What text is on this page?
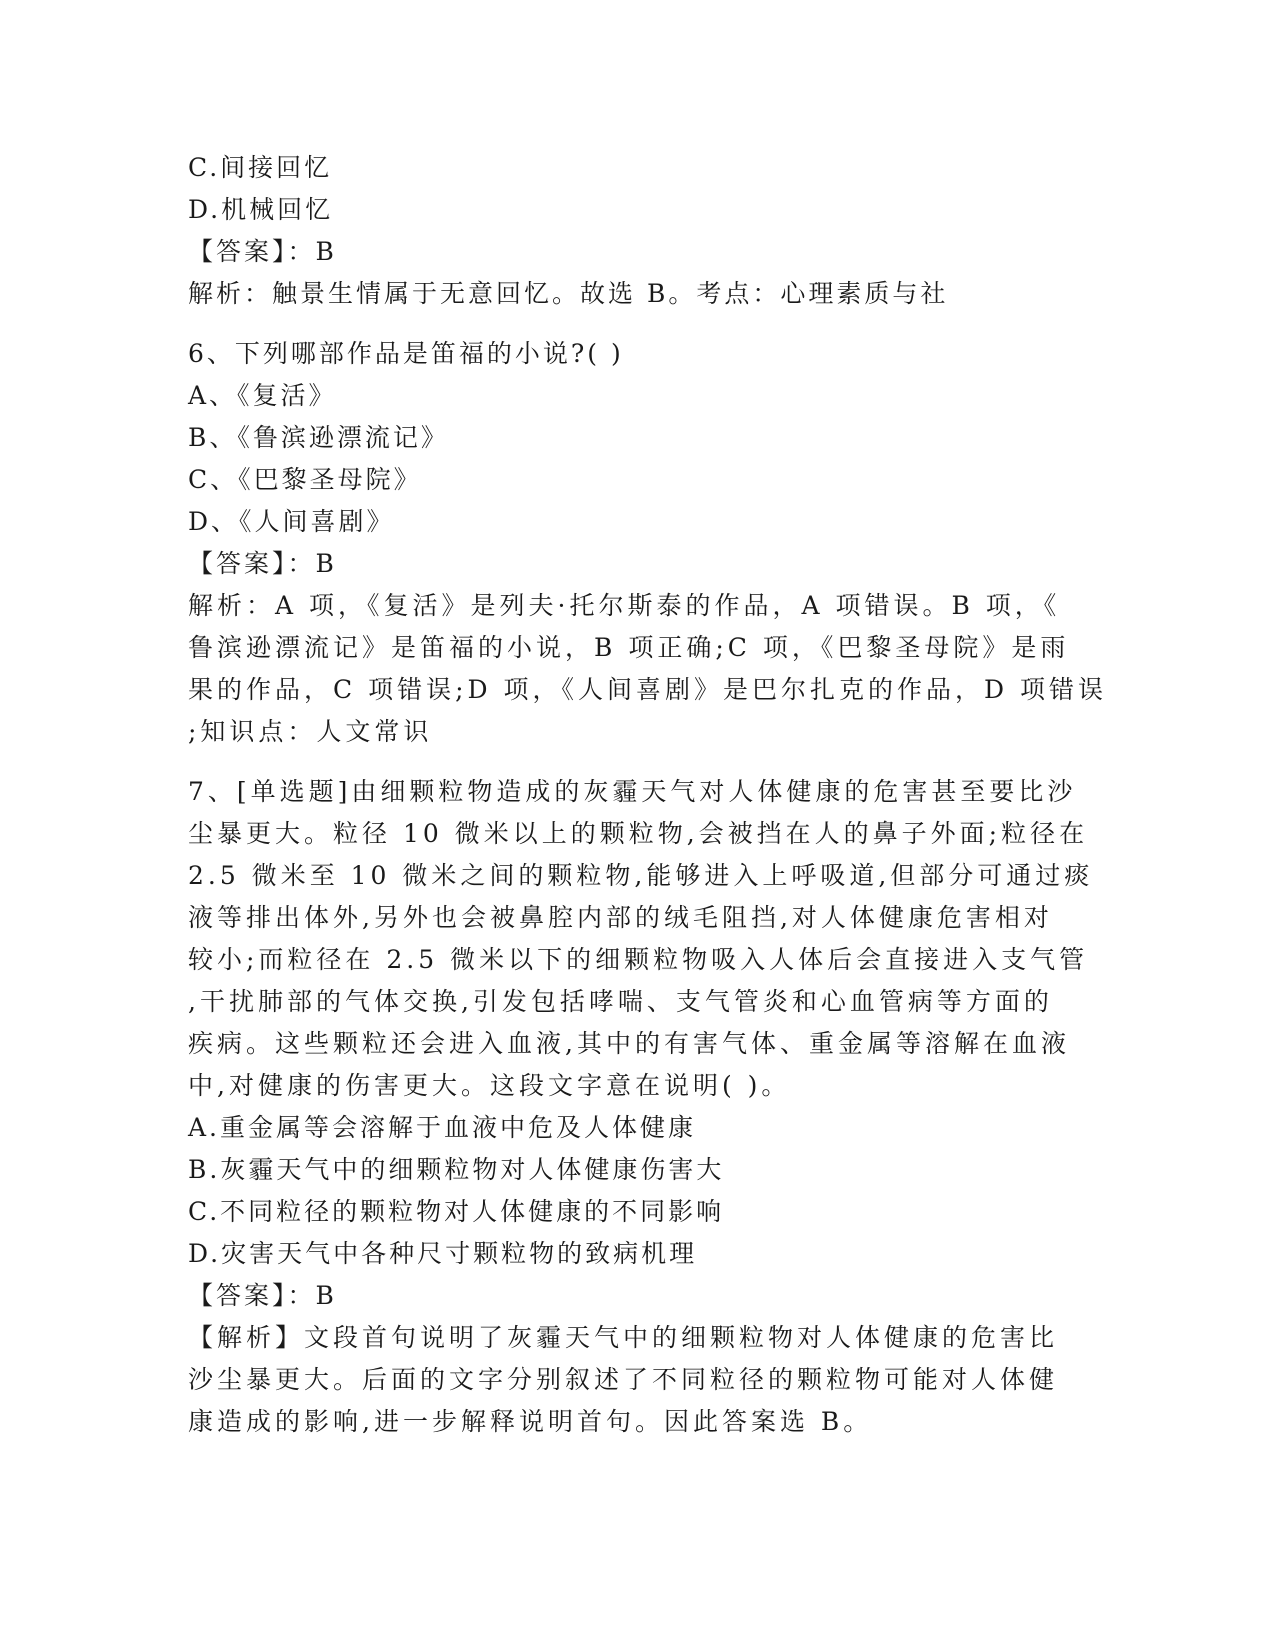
C.间接回忆
D.机械回忆
【答案】：B
解析：触景生情属于无意回忆。故选 B。考点：心理素质与社
6、下列哪部作品是笛福的小说?( )
A、《复活》
B、《鲁滨逊漂流记》
C、《巴黎圣母院》
D、《人间喜剧》
【答案】：B
解析：A 项，《复活》是列夫·托尔斯泰的作品，A 项错误。B 项，《
鲁滨逊漂流记》是笛福的小说，B 项正确;C 项，《巴黎圣母院》是雨
果的作品，C 项错误;D 项，《人间喜剧》是巴尔扎克的作品，D 项错误
;知识点：人文常识
7、[单选题]由细颗粒物造成的灰霾天气对人体健康的危害甚至要比沙
尘暴更大。粒径 10 微米以上的颗粒物,会被挡在人的鼻子外面;粒径在
2.5 微米至 10 微米之间的颗粒物,能够进入上呼吸道,但部分可通过痰
液等排出体外,另外也会被鼻腔内部的绒毛阻挡,对人体健康危害相对
较小;而粒径在 2.5 微米以下的细颗粒物吸入人体后会直接进入支气管
,干扰肺部的气体交换,引发包括哮喘、支气管炎和心血管病等方面的
疾病。这些颗粒还会进入血液,其中的有害气体、重金属等溶解在血液
中,对健康的伤害更大。这段文字意在说明( )。
A.重金属等会溶解于血液中危及人体健康
B.灰霾天气中的细颗粒物对人体健康伤害大
C.不同粒径的颗粒物对人体健康的不同影响
D.灾害天气中各种尺寸颗粒物的致病机理
【答案】：B
【解析】文段首句说明了灰霾天气中的细颗粒物对人体健康的危害比
沙尘暴更大。后面的文字分别叙述了不同粒径的颗粒物可能对人体健
康造成的影响,进一步解释说明首句。因此答案选 B。
